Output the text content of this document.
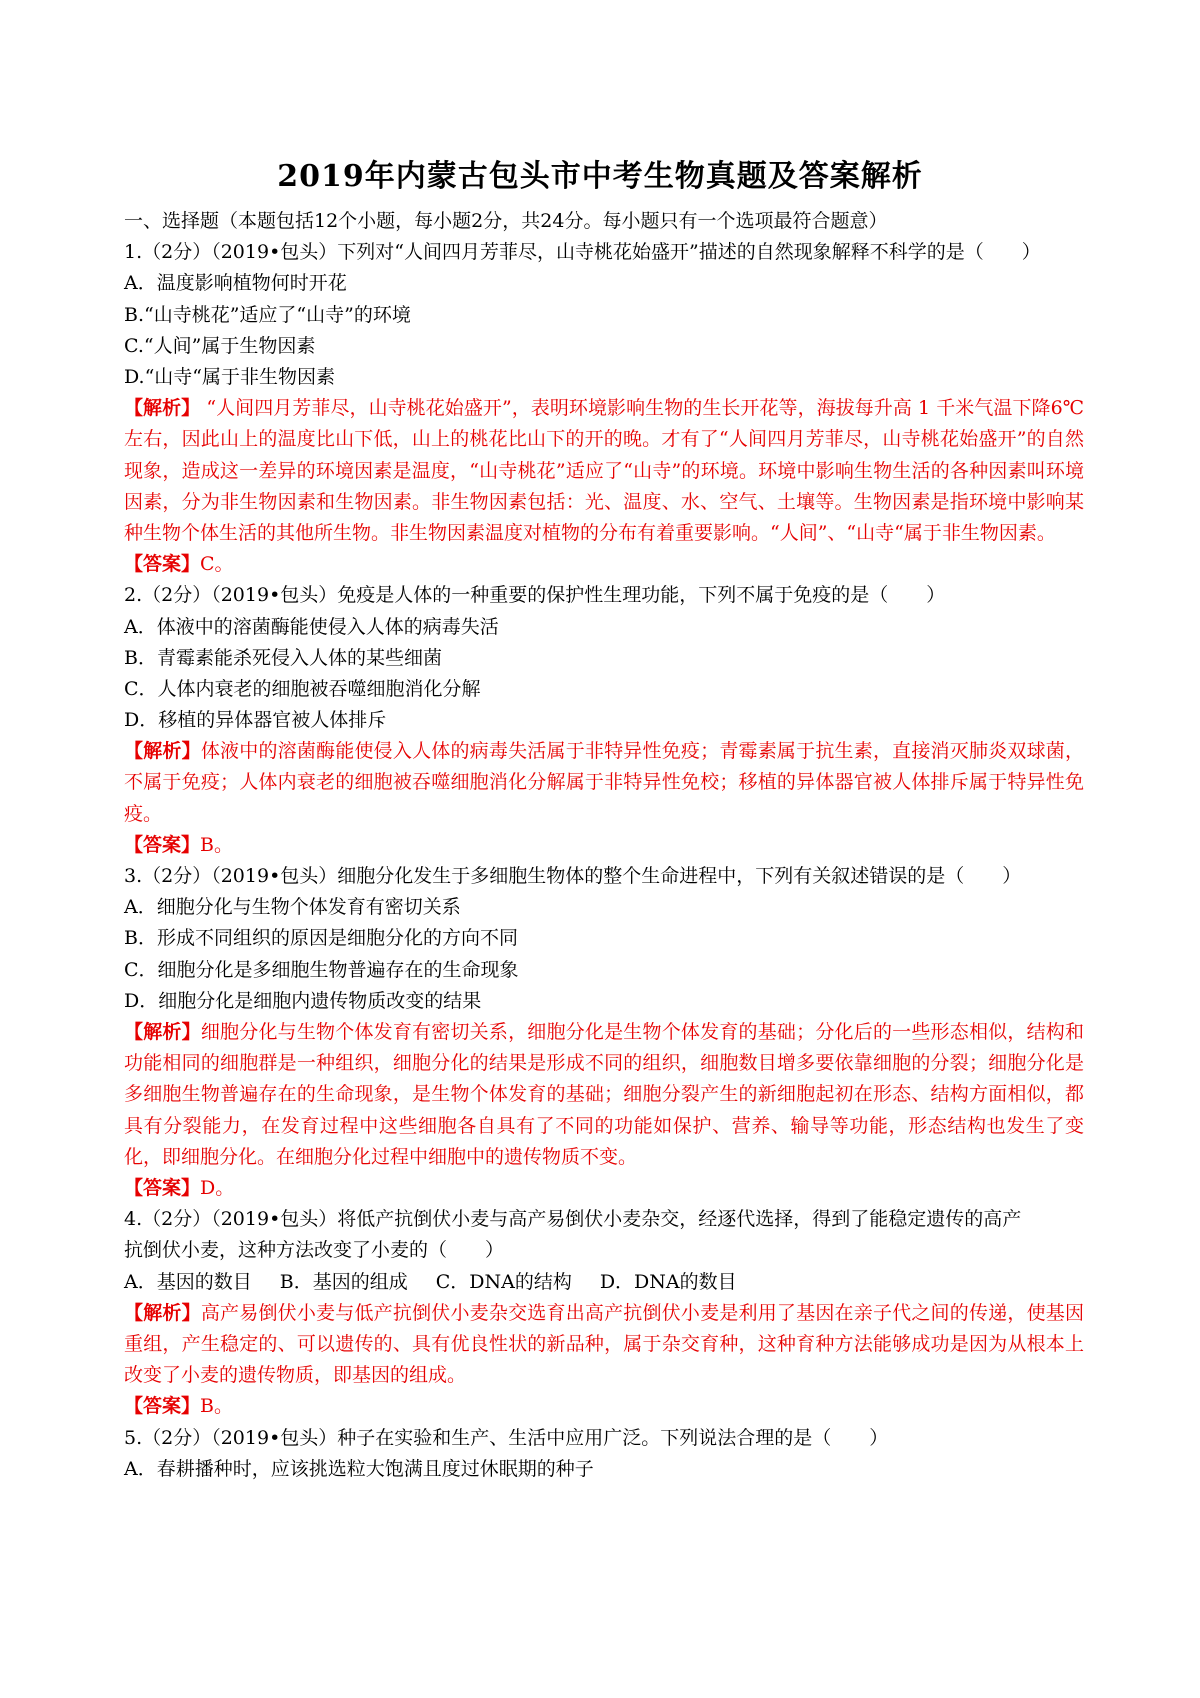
2019年内蒙古包头市中考生物真题及答案解析
一、选择题（本题包括12个小题，每小题2分，共24分。每小题只有一个选项最符合题意）
1.（2分）（2019•包头）下列对“人间四月芳菲尽，山寺桃花始盛开”描述的自然现象解释不科学的是（　　）
A．温度影响植物何时开花
B.“山寺桃花”适应了“山寺”的环境
C.“人间”属于生物因素
D.“山寺“属于非生物因素

【解析】 “人间四月芳菲尽，山寺桃花始盛开”，表明环境影响生物的生长开花等，海拔每升高 1 千米气温下降6℃左右，因此山上的温度比山下低，山上的桃花比山下的开的晚。才有了“人间四月芳菲尽，山寺桃花始盛开”的自然现象，造成这一差异的环境因素是温度，“山寺桃花”适应了“山寺”的环境。环境中影响生物生活的各种因素叫环境因素，分为非生物因素和生物因素。非生物因素包括：光、温度、水、空气、土壤等。生物因素是指环境中影响某种生物个体生活的其他所生物。非生物因素温度对植物的分布有着重要影响。“人间”、“山寺“属于非生物因素。

【答案】C。
2.（2分）（2019•包头）免疫是人体的一种重要的保护性生理功能，下列不属于免疫的是（　　）
A．体液中的溶菌酶能使侵入人体的病毒失活
B．青霉素能杀死侵入人体的某些细菌
C．人体内衰老的细胞被吞噬细胞消化分解
D．移植的异体器官被人体排斥

【解析】体液中的溶菌酶能使侵入人体的病毒失活属于非特异性免疫；青霉素属于抗生素，直接消灭肺炎双球菌，不属于免疫；人体内衰老的细胞被吞噬细胞消化分解属于非特异性免校；移植的异体器官被人体排斥属于特异性免疫。

【答案】B。
3.（2分）（2019•包头）细胞分化发生于多细胞生物体的整个生命进程中，下列有关叙述错误的是（　　）
A．细胞分化与生物个体发育有密切关系
B．形成不同组织的原因是细胞分化的方向不同
C．细胞分化是多细胞生物普遍存在的生命现象
D．细胞分化是细胞内遗传物质改变的结果

【解析】细胞分化与生物个体发育有密切关系，细胞分化是生物个体发育的基础；分化后的一些形态相似，结构和功能相同的细胞群是一种组织，细胞分化的结果是形成不同的组织，细胞数目增多要依靠细胞的分裂；细胞分化是多细胞生物普遍存在的生命现象，是生物个体发育的基础；细胞分裂产生的新细胞起初在形态、结构方面相似，都具有分裂能力，在发育过程中这些细胞各自具有了不同的功能如保护、营养、输导等功能，形态结构也发生了变化，即细胞分化。在细胞分化过程中细胞中的遗传物质不变。

【答案】D。
4.（2分）（2019•包头）将低产抗倒伏小麦与高产易倒伏小麦杂交，经逐代选择，得到了能稳定遗传的高产
抗倒伏小麦，这种方法改变了小麦的（　　）
A．基因的数目 B．基因的组成 C．DNA的结构 D．DNA的数目

【解析】高产易倒伏小麦与低产抗倒伏小麦杂交选育出高产抗倒伏小麦是利用了基因在亲子代之间的传递，使基因重组，产生稳定的、可以遗传的、具有优良性状的新品种，属于杂交育种，这种育种方法能够成功是因为从根本上改变了小麦的遗传物质，即基因的组成。

【答案】B。
5.（2分）（2019•包头）种子在实验和生产、生活中应用广泛。下列说法合理的是（　　）
A．春耕播种时，应该挑选粒大饱满且度过休眠期的种子
